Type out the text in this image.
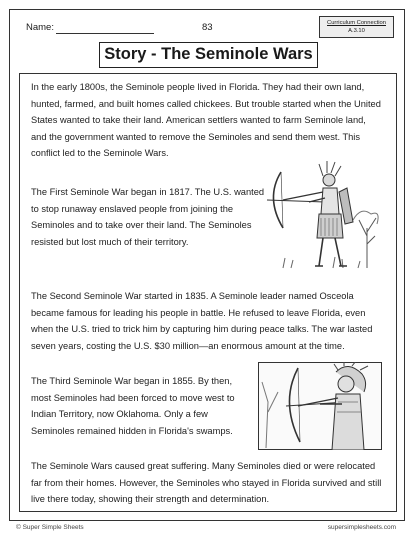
Name:	83	Curriculum Connection
A.3.10
Story - The Seminole Wars

In the early 1800s, the Seminole people lived in Florida. They had their own land, hunted, farmed, and built homes called chickees. But trouble started when the United States wanted to take their land. American settlers wanted to farm Seminole land, and the government wanted to remove the Seminoles and send them west. This conflict led to the Seminole Wars.

The First Seminole War began in 1817. The U.S. wanted to stop runaway enslaved people from joining the Seminoles and to take over their land. The Seminoles resisted but lost much of their territory.

The Second Seminole War started in 1835. A Seminole leader named Osceola became famous for leading his people in battle. He refused to leave Florida, even when the U.S. tried to trick him by capturing him during peace talks. The war lasted seven years, costing the U.S. $30 million—an enormous amount at the time.

The Third Seminole War began in 1855. By then, most Seminoles had been forced to move west to Indian Territory, now Oklahoma. Only a few Seminoles remained hidden in Florida's swamps.

The Seminole Wars caused great suffering. Many Seminoles died or were relocated far from their homes. However, the Seminoles who stayed in Florida survived and still live there today, showing their strength and determination.

© Super Simple Sheets	supersimplesheets.com
